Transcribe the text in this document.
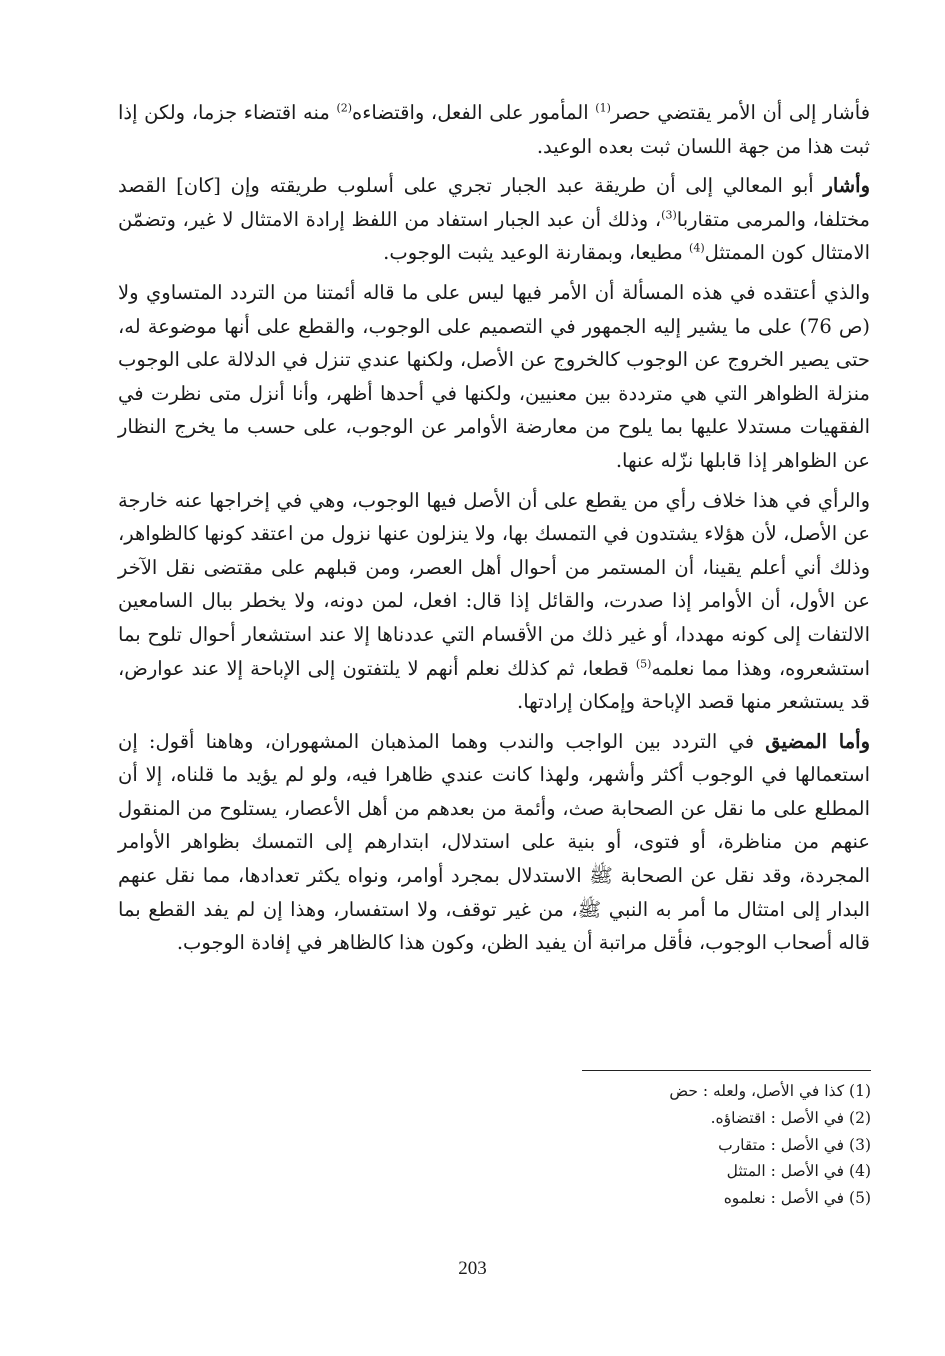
فأشار إلى أن الأمر يقتضي حصر$^{(1)}$ المأمور على الفعل، واقتضاءه$^{(2)}$ منه اقتضاء جزما، ولكن إذا ثبت هذا من جهة اللسان ثبت بعده الوعيد.

وأشار أبو المعالي إلى أن طريقة عبد الجبار تجري على أسلوب طريقته وإن [كان] القصد مختلفا، والمرمى متقاربا$^{(3)}$، وذلك أن عبد الجبار استفاد من اللفظ إرادة الامتثال لا غير، وتضمّن الامتثال كون الممتثل$^{(4)}$ مطيعا، وبمقارنة الوعيد يثبت الوجوب.

والذي أعتقده في هذه المسألة أن الأمر فيها ليس على ما قاله أئمتنا من التردد المتساوي ولا (ص 76) على ما يشير إليه الجمهور في التصميم على الوجوب، والقطع على أنها موضوعة له، حتى يصير الخروج عن الوجوب كالخروج عن الأصل، ولكنها عندي تنزل في الدلالة على الوجوب منزلة الظواهر التي هي مترددة بين معنيين، ولكنها في أحدها أظهر، وأنا أنزل متى نظرت في الفقهيات مستدلا عليها بما يلوح من معارضة الأوامر عن الوجوب، على حسب ما يخرج النظار عن الظواهر إذا قابلها نزّله عنها.

والرأي في هذا خلاف رأي من يقطع على أن الأصل فيها الوجوب، وهي في إخراجها عنه خارجة عن الأصل، لأن هؤلاء يشتدون في التمسك بها، ولا ينزلون عنها نزول من اعتقد كونها كالظواهر، وذلك أني أعلم يقينا، أن المستمر من أحوال أهل العصر، ومن قبلهم على مقتضى نقل الآخر عن الأول، أن الأوامر إذا صدرت، والقائل إذا قال: افعل، لمن دونه، ولا يخطر ببال السامعين الالتفات إلى كونه مهددا، أو غير ذلك من الأقسام التي عددناها إلا عند استشعار أحوال تلوح بما استشعروه، وهذا مما نعلمه$^{(5)}$ قطعا، ثم كذلك نعلم أنهم لا يلتفتون إلى الإباحة إلا عند عوارض، قد يستشعر منها قصد الإباحة وإمكان إرادتها.

وأما المضيق في التردد بين الواجب والندب وهما المذهبان المشهوران، وهاهنا أقول: إن استعمالها في الوجوب أكثر وأشهر، ولهذا كانت عندي ظاهرا فيه، ولو لم يؤيد ما قلناه، إلا أن المطلع على ما نقل عن الصحابة صث، وأئمة من بعدهم من أهل الأعصار، يستلوح من المنقول عنهم من مناظرة، أو فتوى، أو بنية على استدلال، ابتدارهم إلى التمسك بظواهر الأوامر المجردة، وقد نقل عن الصحابة ﷺ الاستدلال بمجرد أوامر، ونواه يكثر تعدادها، مما نقل عنهم البدار إلى امتثال ما أمر به النبي ﷺ، من غير توقف، ولا استفسار، وهذا إن لم يفد القطع بما قاله أصحاب الوجوب، فأقل مراتبة أن يفيد الظن، وكون هذا كالظاهر في إفادة الوجوب.

(1) كذا في الأصل، ولعله : حض
(2) في الأصل : اقتضاؤه.
(3) في الأصل : متقارب
(4) في الأصل : المتثل
(5) في الأصل : نعلموه
203
